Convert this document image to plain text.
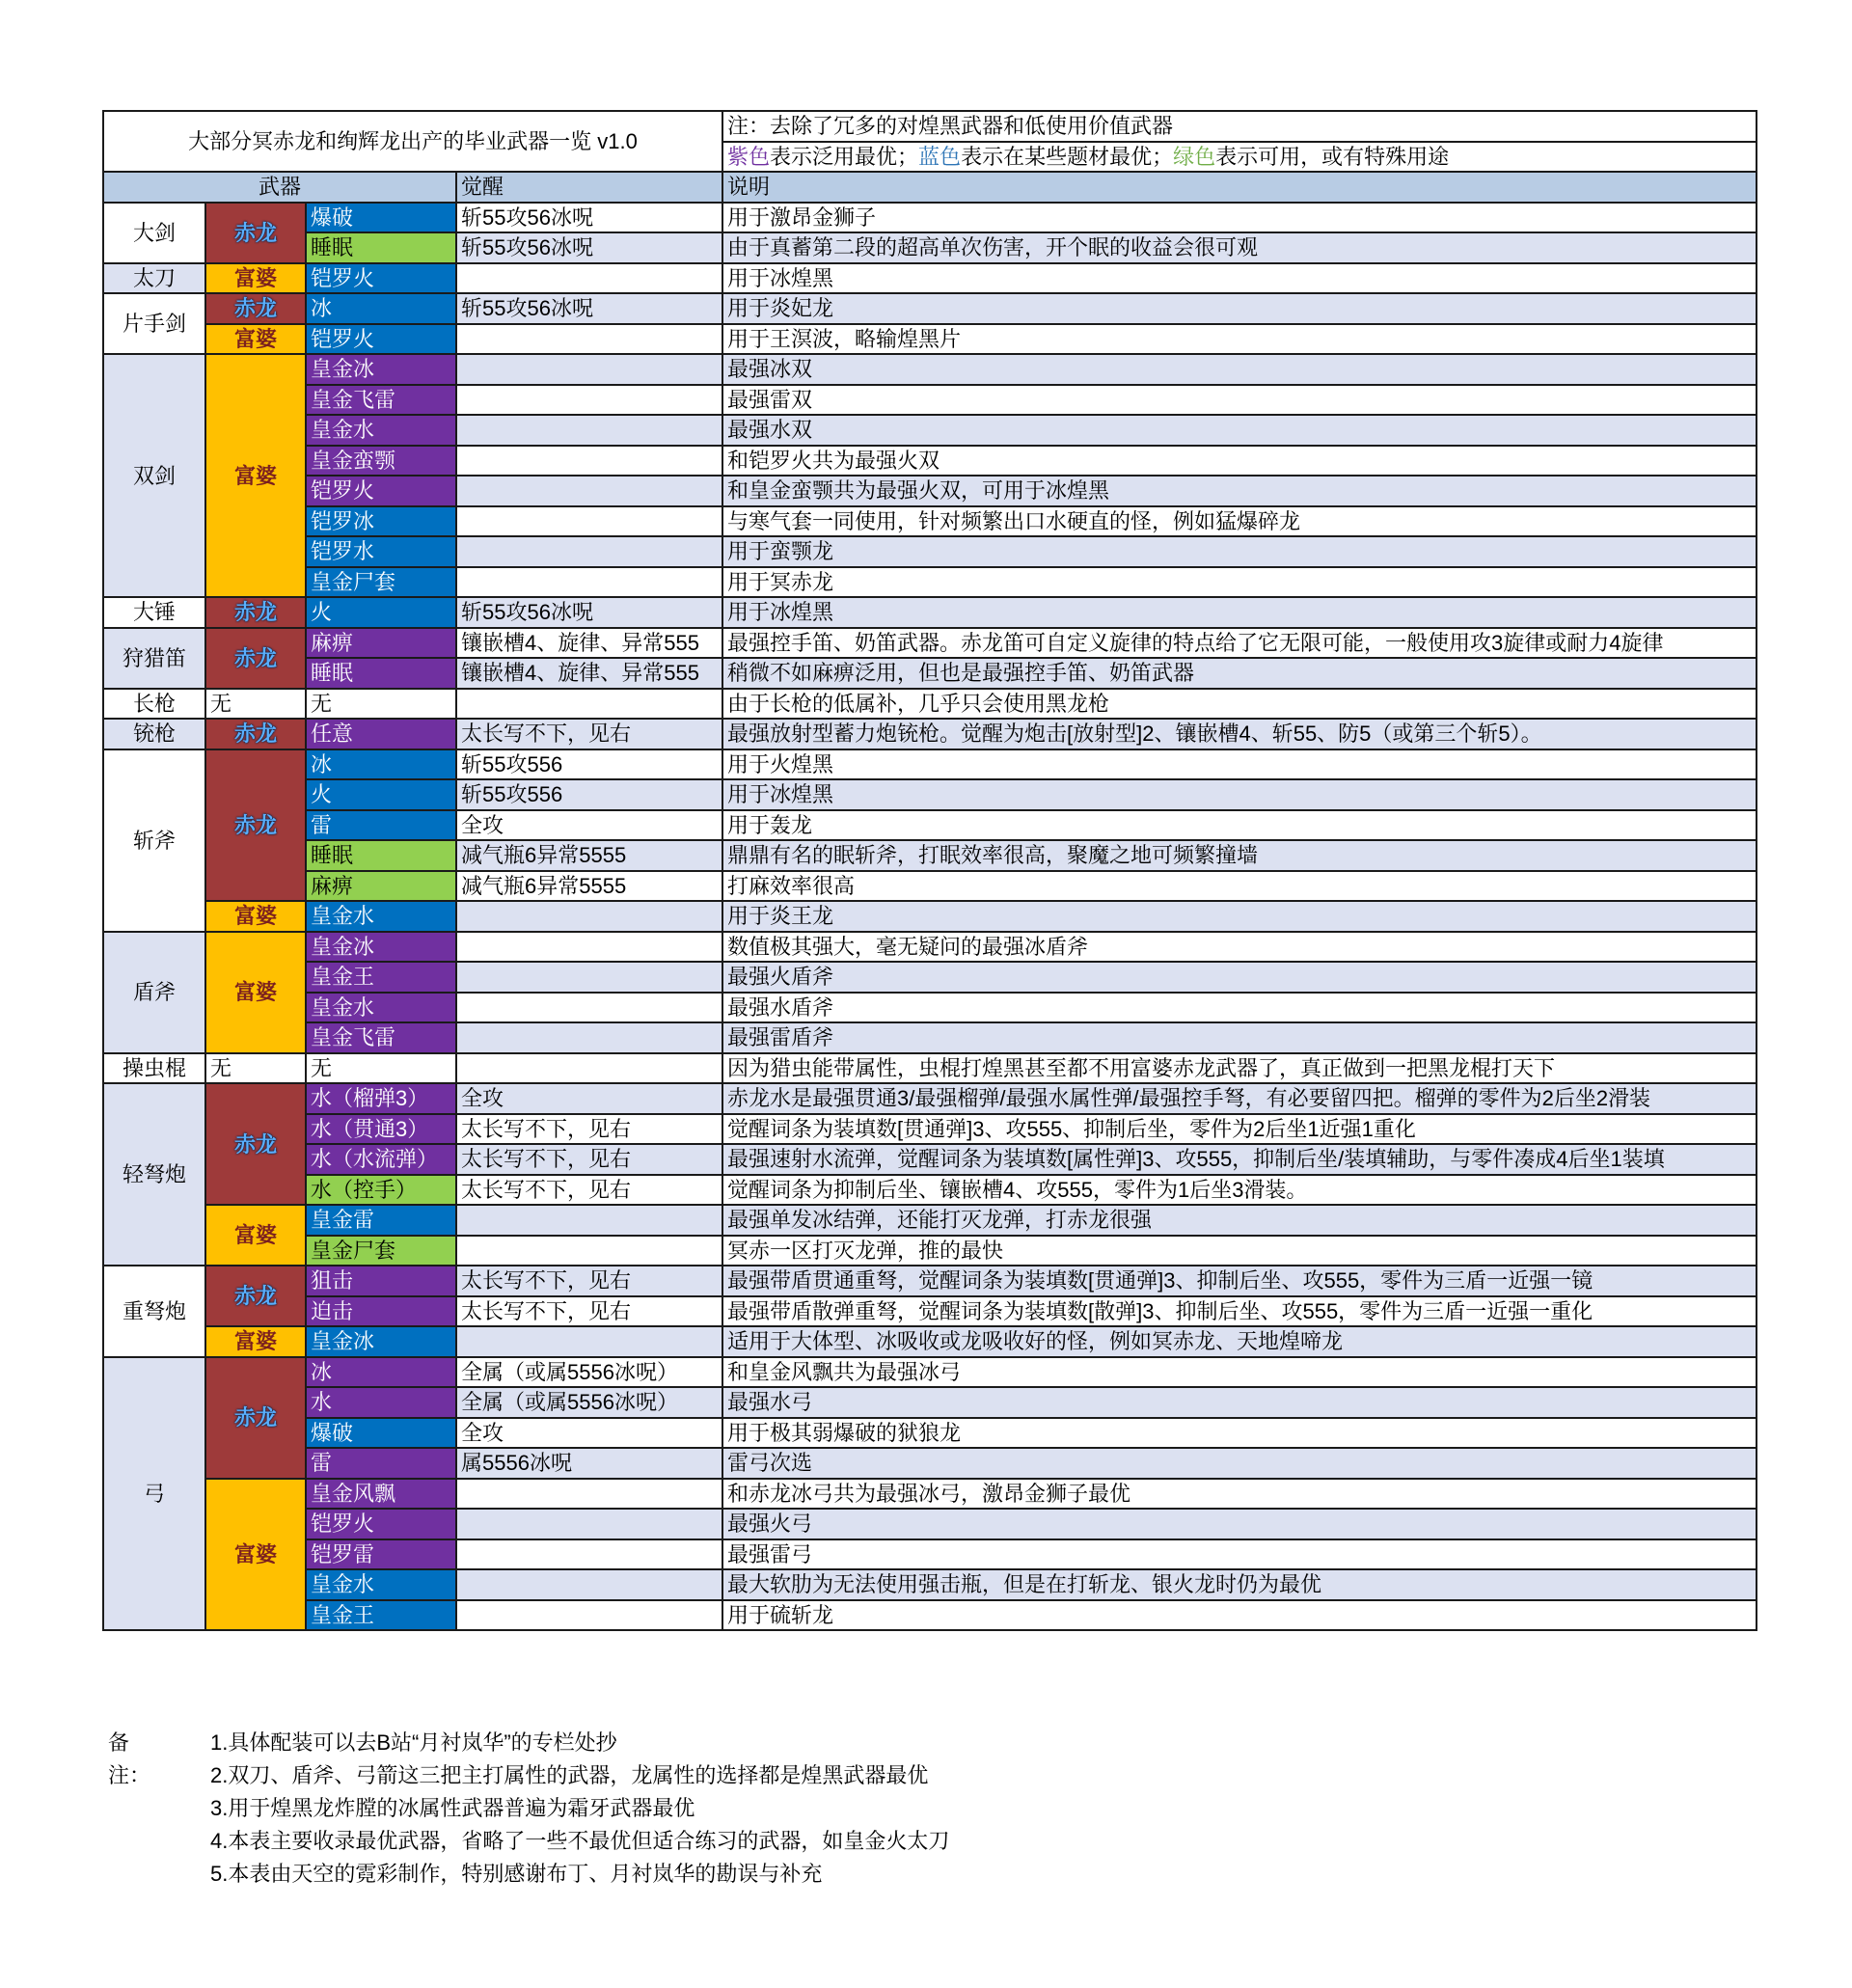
大部分冥赤龙和绚辉龙出产的毕业武器一览 v1.0				注：去除了冗多的对煌黑武器和低使用价值武器
				紫色表示泛用最优；蓝色表示在某些题材最优；绿色表示可用，或有特殊用途
武器			觉醒	说明
大剑	赤龙	爆破	斩55攻56冰呪	用于激昂金狮子
		睡眠	斩55攻56冰呪	由于真蓄第二段的超高单次伤害，开个眠的收益会很可观
太刀	富婆	铠罗火		用于冰煌黑
片手剑	赤龙	冰	斩55攻56冰呪	用于炎妃龙
	富婆	铠罗火		用于王溟波，略输煌黑片
双剑	富婆	皇金冰		最强冰双
		皇金飞雷		最强雷双
		皇金水		最强水双
		皇金蛮颚		和铠罗火共为最强火双
		铠罗火		和皇金蛮颚共为最强火双，可用于冰煌黑
		铠罗冰		与寒气套一同使用，针对频繁出口水硬直的怪，例如猛爆碎龙
		铠罗水		用于蛮颚龙
		皇金尸套		用于冥赤龙
大锤	赤龙	火	斩55攻56冰呪	用于冰煌黑
狩猎笛	赤龙	麻痹	镶嵌槽4、旋律、异常555	最强控手笛、奶笛武器。赤龙笛可自定义旋律的特点给了它无限可能，一般使用攻3旋律或耐力4旋律
		睡眠	镶嵌槽4、旋律、异常555	稍微不如麻痹泛用，但也是最强控手笛、奶笛武器
长枪	无	无		由于长枪的低属补，几乎只会使用黑龙枪
铳枪	赤龙	任意	太长写不下，见右	最强放射型蓄力炮铳枪。觉醒为炮击[放射型]2、镶嵌槽4、斩55、防5（或第三个斩5）。
斩斧	赤龙	冰	斩55攻556	用于火煌黑
		火	斩55攻556	用于冰煌黑
		雷	全攻	用于轰龙
		睡眠	减气瓶6异常5555	鼎鼎有名的眠斩斧，打眠效率很高，聚魔之地可频繁撞墙
		麻痹	减气瓶6异常5555	打麻效率很高
	富婆	皇金水		用于炎王龙
盾斧	富婆	皇金冰		数值极其强大，毫无疑问的最强冰盾斧
		皇金王		最强火盾斧
		皇金水		最强水盾斧
		皇金飞雷		最强雷盾斧
操虫棍	无	无		因为猎虫能带属性，虫棍打煌黑甚至都不用富婆赤龙武器了，真正做到一把黑龙棍打天下
轻弩炮	赤龙	水（榴弹3）	全攻	赤龙水是最强贯通3/最强榴弹/最强水属性弹/最强控手弩，有必要留四把。榴弹的零件为2后坐2滑装
		水（贯通3）	太长写不下，见右	觉醒词条为装填数[贯通弹]3、攻555、抑制后坐，零件为2后坐1近强1重化
		水（水流弹）	太长写不下，见右	最强速射水流弹，觉醒词条为装填数[属性弹]3、攻555，抑制后坐/装填辅助，与零件凑成4后坐1装填
		水（控手）	太长写不下，见右	觉醒词条为抑制后坐、镶嵌槽4、攻555，零件为1后坐3滑装。
	富婆	皇金雷		最强单发冰结弹，还能打灭龙弹，打赤龙很强
		皇金尸套		冥赤一区打灭龙弹，推的最快
重弩炮	赤龙	狙击	太长写不下，见右	最强带盾贯通重弩，觉醒词条为装填数[贯通弹]3、抑制后坐、攻555，零件为三盾一近强一镜
		迫击	太长写不下，见右	最强带盾散弹重弩，觉醒词条为装填数[散弹]3、抑制后坐、攻555，零件为三盾一近强一重化
	富婆	皇金冰		适用于大体型、冰吸收或龙吸收好的怪，例如冥赤龙、天地煌啼龙
弓	赤龙	冰	全属（或属5556冰呪）	和皇金风飘共为最强冰弓
		水	全属（或属5556冰呪）	最强水弓
		爆破	全攻	用于极其弱爆破的狱狼龙
		雷	属5556冰呪	雷弓次选
	富婆	皇金风飘		和赤龙冰弓共为最强冰弓，激昂金狮子最优
		铠罗火		最强火弓
		铠罗雷		最强雷弓
		皇金水		最大软肋为无法使用强击瓶，但是在打斩龙、银火龙时仍为最优
		皇金王		用于硫斩龙
备注：
1.具体配装可以去B站“月衬岚华”的专栏处抄
2.双刀、盾斧、弓箭这三把主打属性的武器，龙属性的选择都是煌黑武器最优
3.用于煌黑龙炸膛的冰属性武器普遍为霜牙武器最优
4.本表主要收录最优武器，省略了一些不最优但适合练习的武器，如皇金火太刀
5.本表由天空的霓彩制作，特别感谢布丁、月衬岚华的勘误与补充
